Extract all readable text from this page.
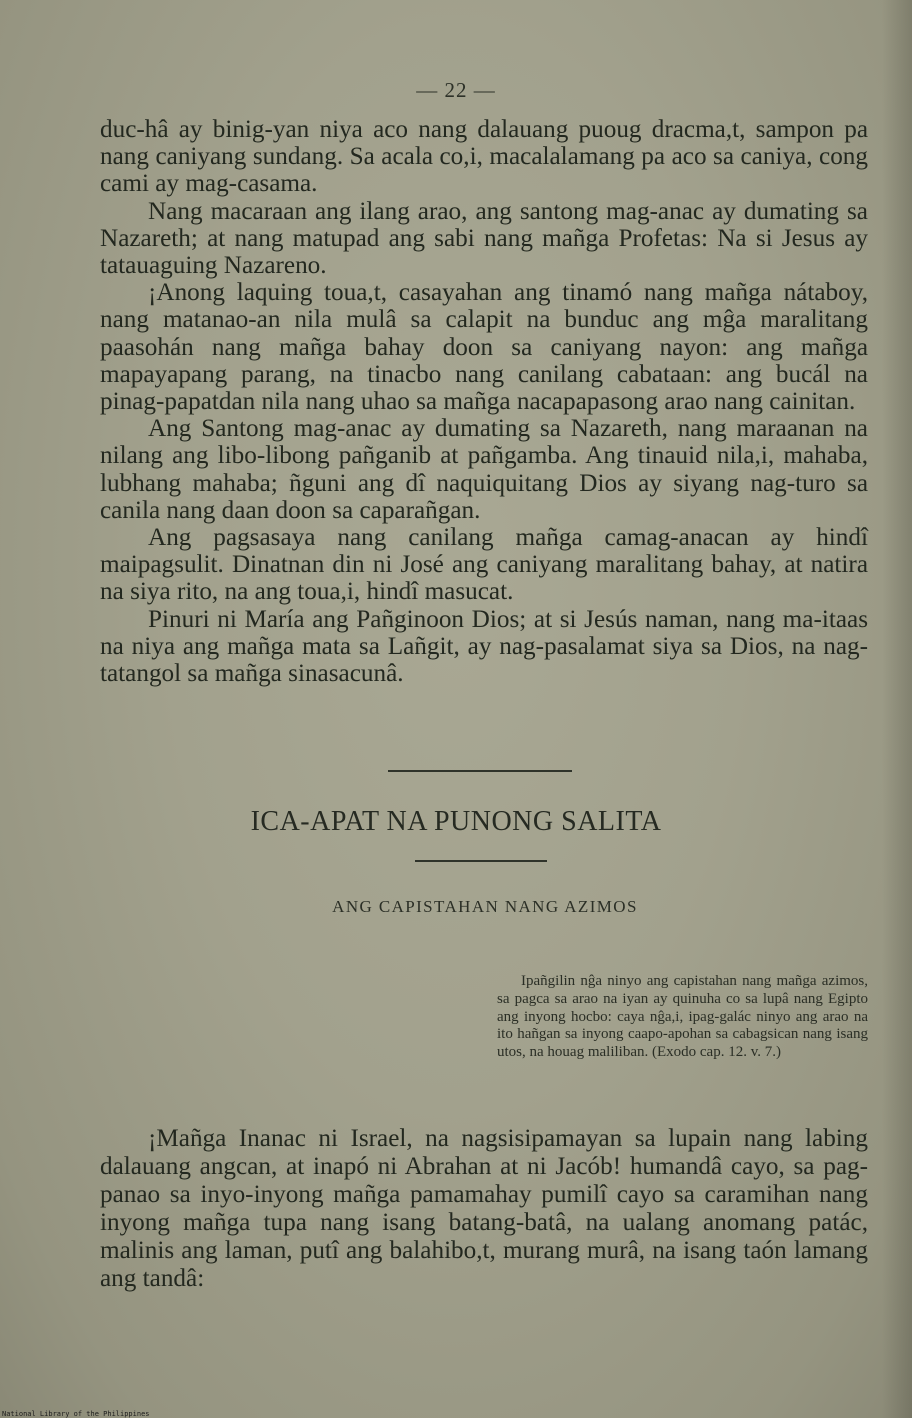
— 22 —

duc-hâ ay binig-yan niya aco nang dalauang puoug dracma,t, sampon pa nang caniyang sundang. Sa acala co,i, macalalamang pa aco sa caniya, cong cami ay mag-casama.

Nang macaraan ang ilang arao, ang santong mag-anac ay dumating sa Nazareth; at nang matupad ang sabi nang mañga Profetas: Na si Jesus ay tatauaguing Nazareno.

¡Anong laquing toua,t, casayahan ang tinamó nang mañga nátaboy, nang matanao-an nila mulâ sa calapit na bunduc ang mĝa maralitang paasohán nang mañga bahay doon sa caniyang nayon: ang mañga mapayapang parang, na tinacbo nang canilang cabataan: ang bucál na pinag-papatdan nila nang uhao sa mañga nacapapasong arao nang cainitan.

Ang Santong mag-anac ay dumating sa Nazareth, nang maraanan na nilang ang libo-libong pañganib at pañgamba. Ang tinauid nila,i, mahaba, lubhang mahaba; ñguni ang dî naquiquitang Dios ay siyang nag-turo sa canila nang daan doon sa caparañgan.

Ang pagsasaya nang canilang mañga camag-anacan ay hindî maipagsulit. Dinatnan din ni José ang caniyang maralitang bahay, at natira na siya rito, na ang toua,i, hindî masucat.

Pinuri ni María ang Pañginoon Dios; at si Jesús naman, nang ma-itaas na niya ang mañga mata sa Lañgit, ay nag-pasalamat siya sa Dios, na nag-tatangol sa mañga sinasacunâ.

ICA-APAT NA PUNONG SALITA
ANG CAPISTAHAN NANG AZIMOS

Ipañgilin nĝa ninyo ang capistahan nang mañga azimos, sa pagca sa arao na iyan ay quinuha co sa lupâ nang Egipto ang inyong hocbo: caya nĝa,i, ipag-galác ninyo ang arao na ito hañgan sa inyong caapo-apohan sa cabagsican nang isang utos, na houag maliliban. (Exodo cap. 12. v. 7.)

¡Mañga Inanac ni Israel, na nagsisipamayan sa lupain nang labing dalauang angcan, at inapó ni Abrahan at ni Jacób! humandâ cayo, sa pag-panao sa inyo-inyong mañga pamamahay pumilî cayo sa caramihan nang inyong mañga tupa nang isang batang-batâ, na ualang anomang patác, malinis ang laman, putî ang balahibo,t, murang murâ, na isang taón lamang ang tandâ:

National Library of the Philippines
